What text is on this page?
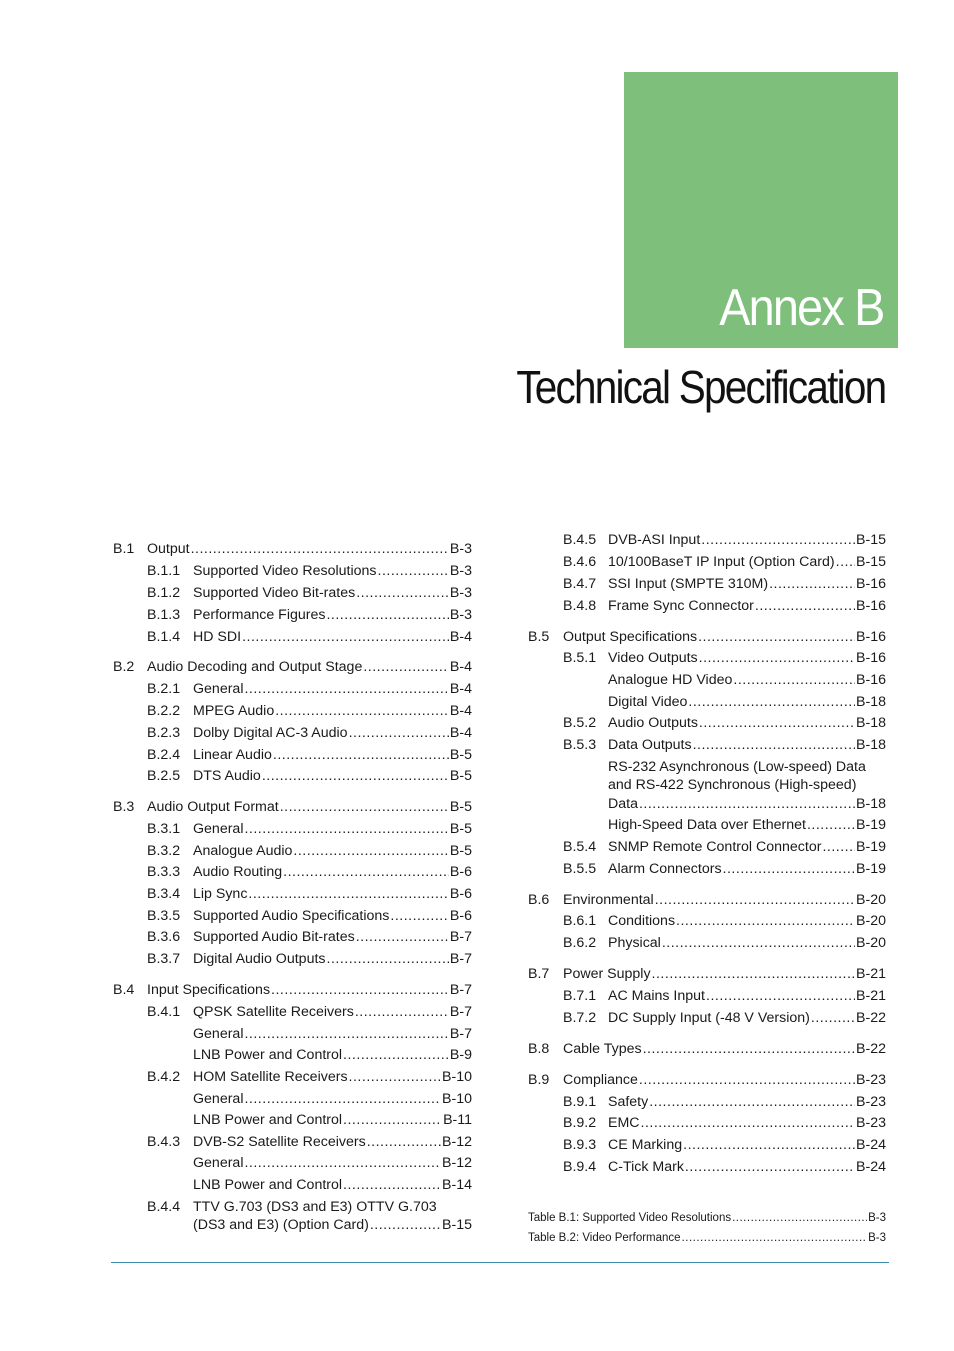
Annex B
Technical Specification
B.1 Output .....	B-3
B.1.1 Supported Video Resolutions .....	B-3
B.1.2 Supported Video Bit-rates .....	B-3
B.1.3 Performance Figures .....	B-3
B.1.4 HD SDI .....	B-4
B.2 Audio Decoding and Output Stage .....	B-4
B.2.1 General .....	B-4
B.2.2 MPEG Audio .....	B-4
B.2.3 Dolby Digital AC-3 Audio .....	B-4
B.2.4 Linear Audio .....	B-5
B.2.5 DTS Audio .....	B-5
B.3 Audio Output Format .....	B-5
B.3.1 General .....	B-5
B.3.2 Analogue Audio .....	B-5
B.3.3 Audio Routing .....	B-6
B.3.4 Lip Sync .....	B-6
B.3.5 Supported Audio Specifications .....	B-6
B.3.6 Supported Audio Bit-rates .....	B-7
B.3.7 Digital Audio Outputs .....	B-7
B.4 Input Specifications .....	B-7
B.4.1 QPSK Satellite Receivers .....	B-7
General .....	B-7
LNB Power and Control .....	B-9
B.4.2 HOM Satellite Receivers .....	B-10
General .....	B-10
LNB Power and Control .....	B-11
B.4.3 DVB-S2 Satellite Receivers .....	B-12
General .....	B-12
LNB Power and Control .....	B-14
B.4.4 TTV G.703 (DS3 and E3) OTTV G.703
(DS3 and E3) (Option Card) .....	B-15
B.4.5 DVB-ASI Input .....	B-15
B.4.6 10/100BaseT IP Input (Option Card) ..... B-15
B.4.7 SSI Input (SMPTE 310M) .....	B-16
B.4.8 Frame Sync Connector .....	B-16
B.5 Output Specifications .....	B-16
B.5.1 Video Outputs .....	B-16
Analogue HD Video .....	B-16
Digital Video .....	B-18
B.5.2 Audio Outputs .....	B-18
B.5.3 Data Outputs .....	B-18
RS-232 Asynchronous (Low-speed) Data
and RS-422 Synchronous (High-speed)
Data .....	B-18
High-Speed Data over Ethernet .....	B-19
B.5.4 SNMP Remote Control Connector ..... B-19
B.5.5 Alarm Connectors .....	B-19
B.6 Environmental .....	B-20
B.6.1 Conditions .....	B-20
B.6.2 Physical .....	B-20
B.7 Power Supply .....	B-21
B.7.1 AC Mains Input .....	B-21
B.7.2 DC Supply Input (-48 V Version) .....	B-22
B.8 Cable Types .....	B-22
B.9 Compliance .....	B-23
B.9.1 Safety .....	B-23
B.9.2 EMC .....	B-23
B.9.3 CE Marking .....	B-24
B.9.4 C-Tick Mark .....	B-24
Table B.1: Supported Video Resolutions .....	B-3
Table B.2: Video Performance .....	B-3
